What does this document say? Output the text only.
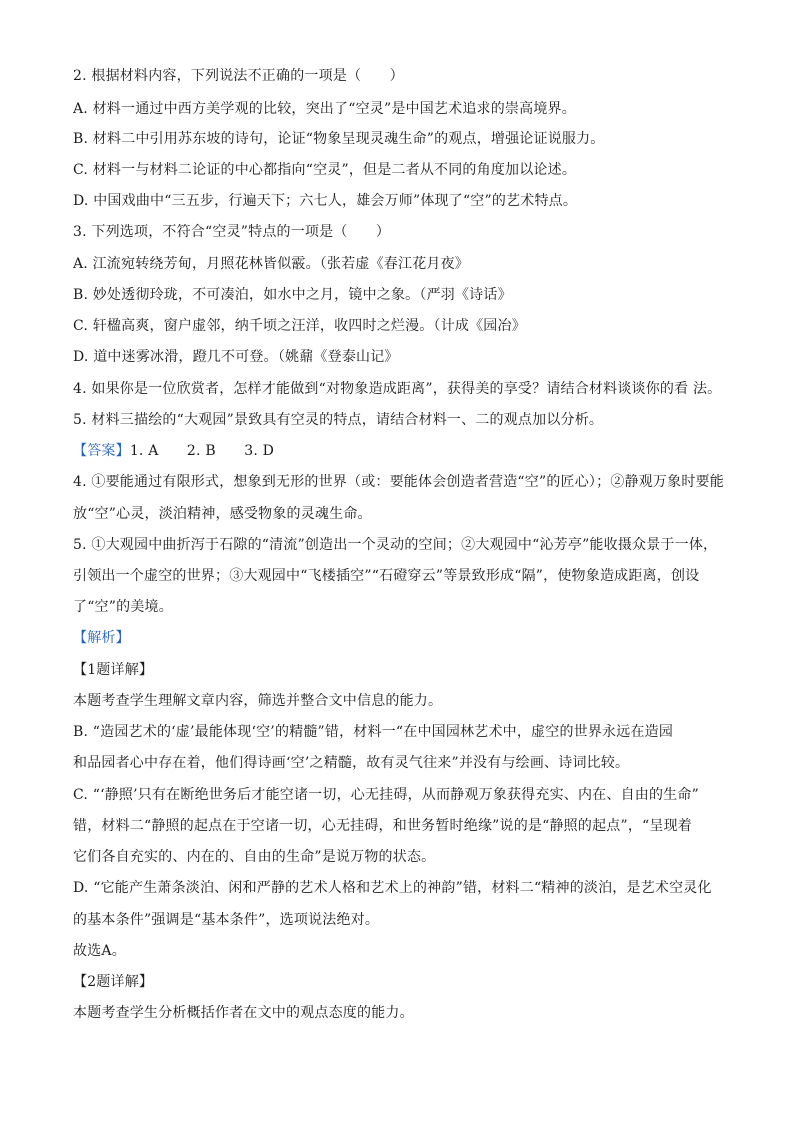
2. 根据材料内容，下列说法不正确的一项是（　　）
A. 材料一通过中西方美学观的比较，突出了“空灵”是中国艺术追求的崇高境界。
B. 材料二中引用苏东坡的诗句，论证“物象呈现灵魂生命”的观点，增强论证说服力。
C. 材料一与材料二论证的中心都指向“空灵”，但是二者从不同的角度加以论述。
D. 中国戏曲中“三五步，行遍天下；六七人，雄会万师”体现了“空”的艺术特点。
3. 下列选项，不符合“空灵”特点的一项是（　　）
A. 江流宛转绕芳甸，月照花林皆似霰。（张若虚《春江花月夜》
B. 妙处透彻玲珑，不可凑泊，如水中之月，镜中之象。（严羽《诗话》
C. 轩楹高爽，窗户虚邻，纳千顷之汪洋，收四时之烂漫。（计成《园冶》
D. 道中迷雾冰滑，蹬几不可登。（姚鼐《登泰山记》
4. 如果你是一位欣赏者，怎样才能做到“对物象造成距离”，获得美的享受？请结合材料谈谈你的看 法。
5. 材料三描绘的“大观园”景致具有空灵的特点，请结合材料一、二的观点加以分析。
【答案】1. A　　2. B　　3. D
4. ①要能通过有限形式，想象到无形的世界（或：要能体会创造者营造“空”的匠心）；②静观万象时要能
放“空”心灵，淡泊精神，感受物象的灵魂生命。
5. ①大观园中曲折泻于石隙的“清流”创造出一个灵动的空间；②大观园中“沁芳亭”能收摄众景于一体，
引领出一个虚空的世界；③大观园中“飞楼插空”“石磴穿云”等景致形成“隔”，使物象造成距离，创设
了“空”的美境。
【解析】
【1题详解】
本题考查学生理解文章内容，筛选并整合文中信息的能力。
B. “造园艺术的‘虚’最能体现‘空’的精髓”错，材料一“在中国园林艺术中，虚空的世界永远在造园
和品园者心中存在着，他们得诗画‘空’之精髓，故有灵气往来”并没有与绘画、诗词比较。
C. “‘静照’只有在断绝世务后才能空诸一切，心无挂碍，从而静观万象获得充实、内在、自由的生命”
错，材料二“静照的起点在于空诸一切，心无挂碍，和世务暂时绝缘”说的是“静照的起点”，“呈现着
它们各自充实的、内在的、自由的生命”是说万物的状态。
D. “它能产生萧条淡泊、闲和严静的艺术人格和艺术上的神韵”错，材料二“精神的淡泊，是艺术空灵化
的基本条件”强调是“基本条件”，选项说法绝对。
故选A。
【2题详解】
本题考查学生分析概括作者在文中的观点态度的能力。
